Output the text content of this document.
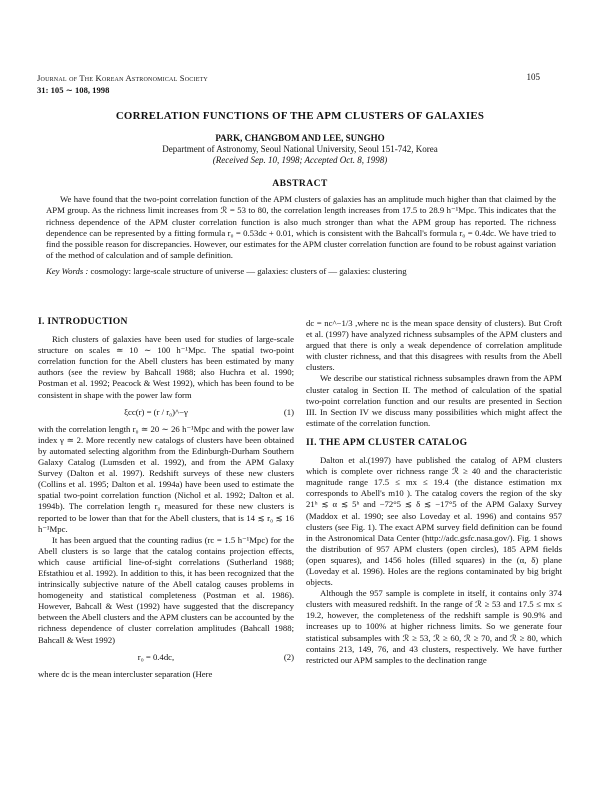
Journal of The Korean Astronomical Society
31: 105 ∼ 108, 1998
105
CORRELATION FUNCTIONS OF THE APM CLUSTERS OF GALAXIES
PARK, CHANGBOM AND LEE, SUNGHO
Department of Astronomy, Seoul National University, Seoul 151-742, Korea
(Received Sep. 10, 1998; Accepted Oct. 8, 1998)
ABSTRACT

We have found that the two-point correlation function of the APM clusters of galaxies has an amplitude much higher than that claimed by the APM group. As the richness limit increases from ℛ = 53 to 80, the correlation length increases from 17.5 to 28.9 h⁻¹Mpc. This indicates that the richness dependence of the APM cluster correlation function is also much stronger than what the APM group has reported. The richness dependence can be represented by a fitting formula r₀ = 0.53dc + 0.01, which is consistent with the Bahcall's formula r₀ = 0.4dc. We have tried to find the possible reason for discrepancies. However, our estimates for the APM cluster correlation function are found to be robust against variation of the method of calculation and of sample definition.

Key Words : cosmology: large-scale structure of universe — galaxies: clusters of — galaxies: clustering
I. INTRODUCTION

Rich clusters of galaxies have been used for studies of large-scale structure on scales ≃ 10 ∼ 100 h⁻¹Mpc. The spatial two-point correlation function for the Abell clusters has been estimated by many authors (see the review by Bahcall 1988; also Huchra et al. 1990; Postman et al. 1992; Peacock & West 1992), which has been found to be consistent in shape with the power law form

ξcc(r) = (r / r₀)^−γ	(1)

with the correlation length r₀ ≃ 20 ∼ 26 h⁻¹Mpc and with the power law index γ ≃ 2. More recently new catalogs of clusters have been obtained by automated selecting algorithm from the Edinburgh-Durham Southern Galaxy Catalog (Lumsden et al. 1992), and from the APM Galaxy Survey (Dalton et al. 1997). Redshift surveys of these new clusters (Collins et al. 1995; Dalton et al. 1994a) have been used to estimate the spatial two-point correlation function (Nichol et al. 1992; Dalton et al. 1994b). The correlation length r₀ measured for these new clusters is reported to be lower than that for the Abell clusters, that is 14 ≲ r₀ ≲ 16 h⁻¹Mpc.

It has been argued that the counting radius (rc = 1.5 h⁻¹Mpc) for the Abell clusters is so large that the catalog contains projection effects, which cause artificial line-of-sight correlations (Sutherland 1988; Efstathiou et al. 1992). In addition to this, it has been recognized that the intrinsically subjective nature of the Abell catalog causes problems in homogeneity and statistical completeness (Postman et al. 1986). However, Bahcall & West (1992) have suggested that the discrepancy between the Abell clusters and the APM clusters can be accounted by the richness dependence of cluster correlation amplitudes (Bahcall 1988; Bahcall & West 1992)

r₀ = 0.4dc,	(2)

where dc is the mean intercluster separation (Here

dc = nc^−1/3 ,where nc is the mean space density of clusters). But Croft et al. (1997) have analyzed richness subsamples of the APM clusters and argued that there is only a weak dependence of correlation amplitude with cluster richness, and that this disagrees with results from the Abell clusters.

We describe our statistical richness subsamples drawn from the APM cluster catalog in Section II. The method of calculation of the spatial two-point correlation function and our results are presented in Section III. In Section IV we discuss many possibilities which might affect the estimate of the correlation function.

II. THE APM CLUSTER CATALOG

Dalton et al.(1997) have published the catalog of APM clusters which is complete over richness range ℛ ≥ 40 and the characteristic magnitude range 17.5 ≤ mx ≤ 19.4 (the distance estimation mx corresponds to Abell's m10 ). The catalog covers the region of the sky 21ʰ ≲ α ≲ 5ʰ and −72°5 ≲ δ ≲ −17°5 of the APM Galaxy Survey (Maddox et al. 1990; see also Loveday et al. 1996) and contains 957 clusters (see Fig. 1). The exact APM survey field definition can be found in the Astronomical Data Center (http://adc.gsfc.nasa.gov/). Fig. 1 shows the distribution of 957 APM clusters (open circles), 185 APM fields (open squares), and 1456 holes (filled squares) in the (α, δ) plane (Loveday et al. 1996). Holes are the regions contaminated by big bright objects.

Although the 957 sample is complete in itself, it contains only 374 clusters with measured redshift. In the range of ℛ ≥ 53 and 17.5 ≤ mx ≤ 19.2, however, the completeness of the redshift sample is 90.9% and increases up to 100% at higher richness limits. So we generate four statistical subsamples with ℛ ≥ 53, ℛ ≥ 60, ℛ ≥ 70, and ℛ ≥ 80, which contains 213, 149, 76, and 43 clusters, respectively. We have further restricted our APM samples to the declination range
